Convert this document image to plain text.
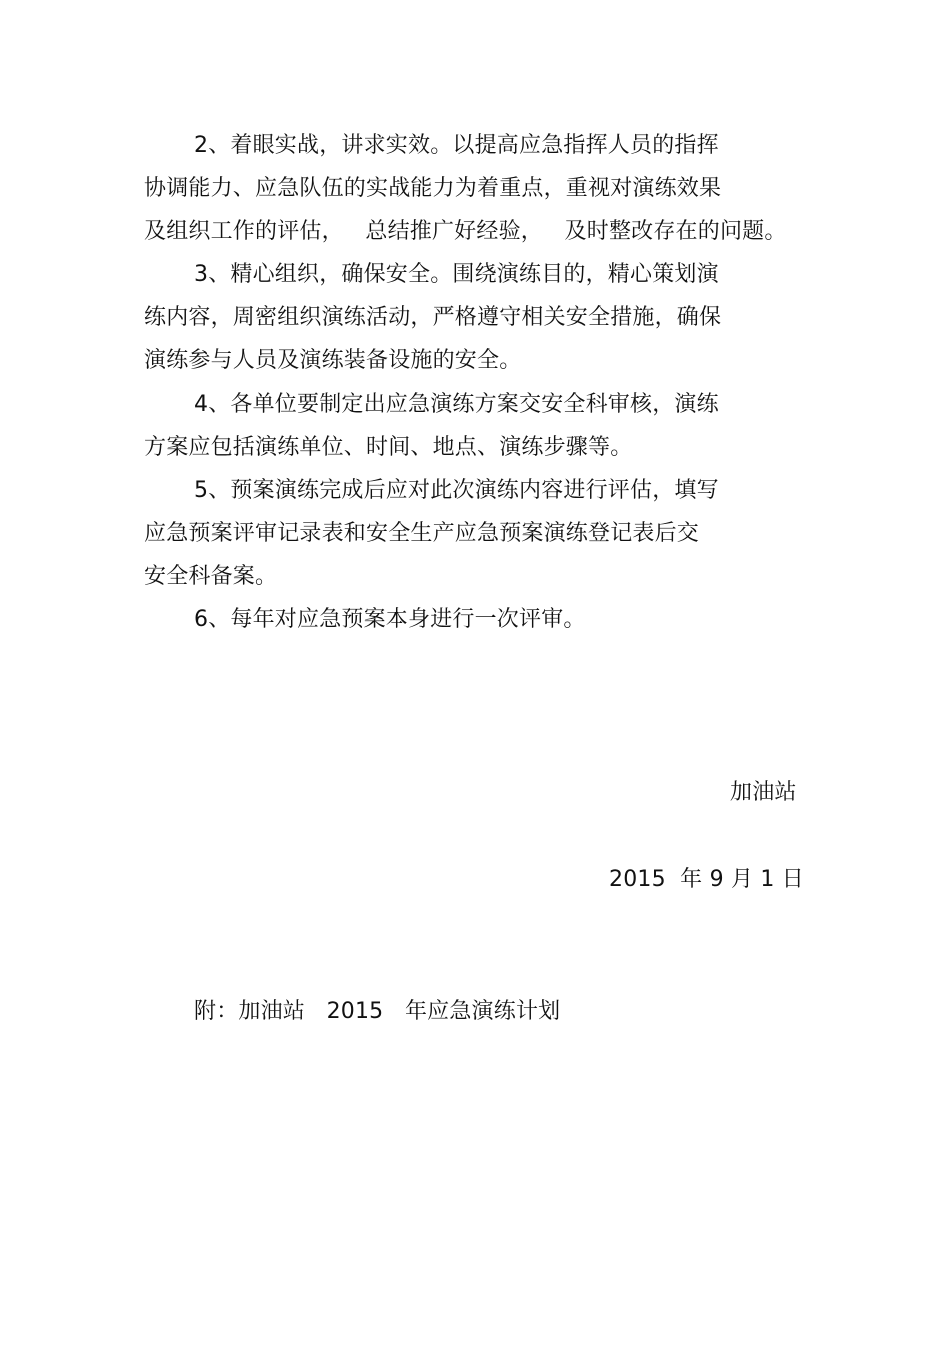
2、着眼实战，讲求实效。以提高应急指挥人员的指挥
协调能力、应急队伍的实战能力为着重点，重视对演练效果
及组织工作的评估，   总结推广好经验，   及时整改存在的问题。
3、精心组织，确保安全。围绕演练目的，精心策划演
练内容，周密组织演练活动，严格遵守相关安全措施，确保
演练参与人员及演练装备设施的安全。
4、各单位要制定出应急演练方案交安全科审核，演练
方案应包括演练单位、时间、地点、演练步骤等。
5、预案演练完成后应对此次演练内容进行评估，填写
应急预案评审记录表和安全生产应急预案演练登记表后交
安全科备案。
6、每年对应急预案本身进行一次评审。
加油站
2015  年 9 月 1 日
附：加油站   2015   年应急演练计划
